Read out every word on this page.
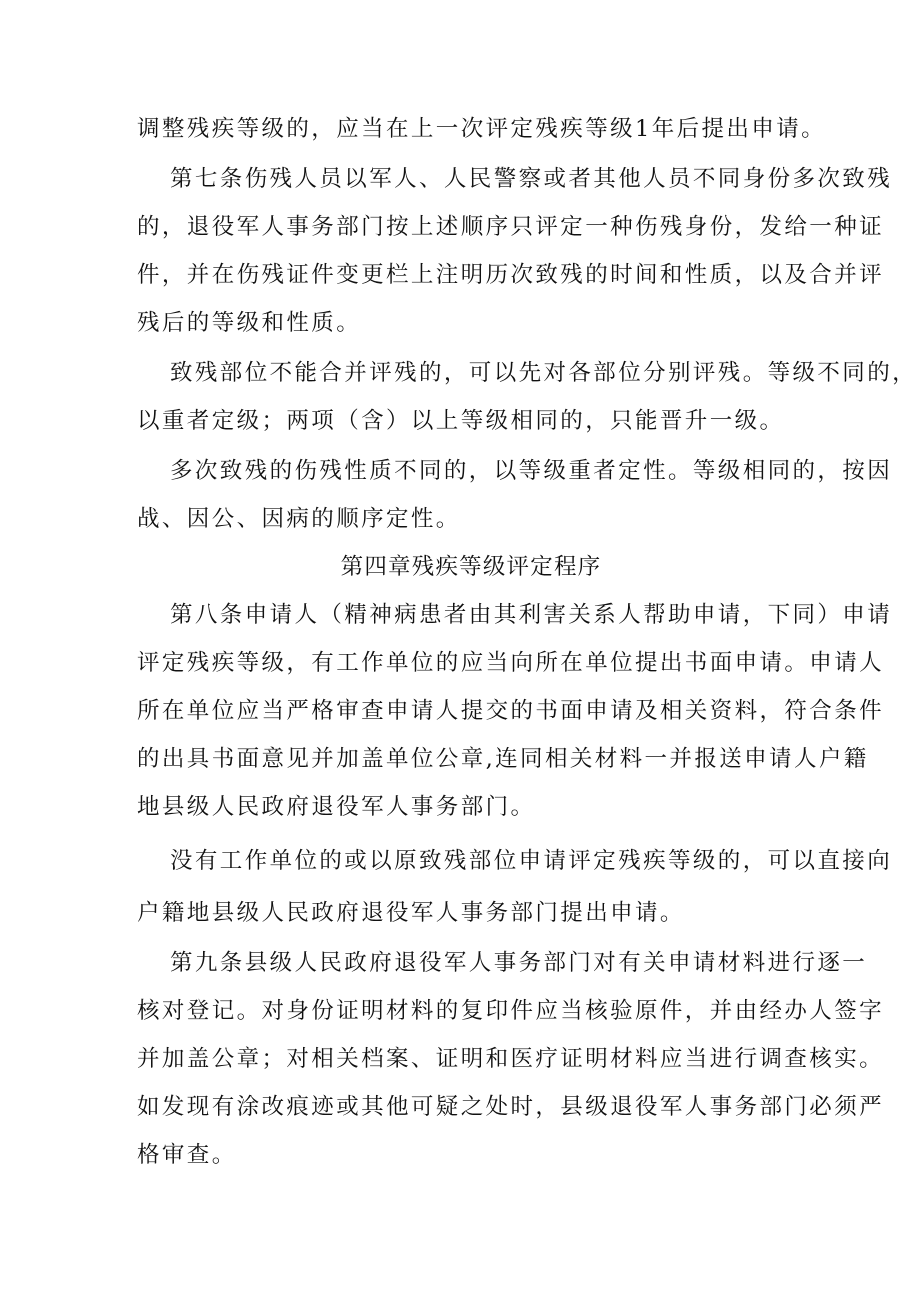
调整残疾等级的，应当在上一次评定残疾等级1年后提出申请。
第七条伤残人员以军人、人民警察或者其他人员不同身份多次致残
的，退役军人事务部门按上述顺序只评定一种伤残身份，发给一种证
件，并在伤残证件变更栏上注明历次致残的时间和性质，以及合并评
残后的等级和性质。
致残部位不能合并评残的，可以先对各部位分别评残。等级不同的，
以重者定级；两项（含）以上等级相同的，只能晋升一级。
多次致残的伤残性质不同的，以等级重者定性。等级相同的，按因
战、因公、因病的顺序定性。
第四章残疾等级评定程序
第八条申请人（精神病患者由其利害关系人帮助申请，下同）申请
评定残疾等级，有工作单位的应当向所在单位提出书面申请。申请人
所在单位应当严格审查申请人提交的书面申请及相关资料，符合条件
的出具书面意见并加盖单位公章,连同相关材料一并报送申请人户籍
地县级人民政府退役军人事务部门。
没有工作单位的或以原致残部位申请评定残疾等级的，可以直接向
户籍地县级人民政府退役军人事务部门提出申请。
第九条县级人民政府退役军人事务部门对有关申请材料进行逐一
核对登记。对身份证明材料的复印件应当核验原件，并由经办人签字
并加盖公章；对相关档案、证明和医疗证明材料应当进行调查核实。
如发现有涂改痕迹或其他可疑之处时，县级退役军人事务部门必须严
格审查。
